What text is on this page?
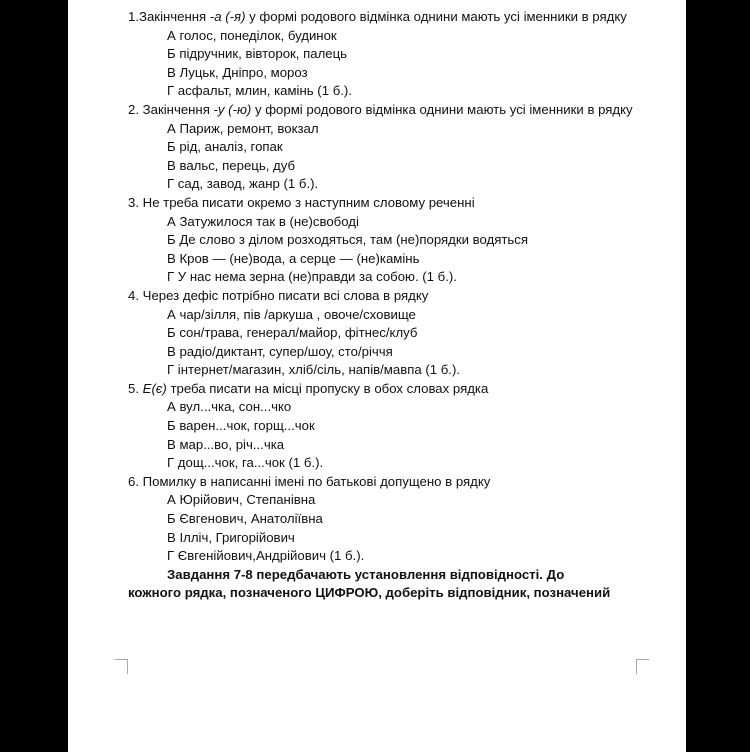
1.Закінчення -а (-я) у формі родового відмінка однини мають усі іменники в рядку
А голос, понеділок, будинок
Б підручник, вівторок, палець
В Луцьк, Дніпро, мороз
Г асфальт, млин, камінь (1 б.).
2. Закінчення -у (-ю) у формі родового відмінка однини мають усі іменники в рядку
А Париж, ремонт, вокзал
Б рід, аналіз, гопак
В вальс, перець, дуб
Г сад, завод, жанр (1 б.).
3. Не треба писати окремо з наступним словому реченні
А Затужилося так в (не)свободі
Б Де слово з ділом розходяться, там (не)порядки водяться
В Кров — (не)вода, а серце — (не)камінь
Г У нас нема зерна (не)правди за собою. (1 б.).
4. Через дефіс потрібно писати всі слова в рядку
А чар/зілля, пів /аркуша , овоче/сховище
Б сон/трава, генерал/майор, фітнес/клуб
В радіо/диктант, супер/шоу, сто/річчя
Г інтернет/магазин, хліб/сіль, напів/мавпа (1 б.).
5. Е(є) треба писати на місці пропуску в обох словах рядка
А вул...чка, сон...чко
Б варен...чок, горщ...чок
В мар...во, річ...чка
Г дощ...чок, га...чок (1 б.).
6. Помилку в написанні імені по батькові допущено в рядку
А Юрійович, Степанівна
Б Євгенович, Анатоліївна
В Ілліч, Григорійович
Г Євгенійович,Андрійович (1 б.).
Завдання 7-8 передбачають установлення відповідності. До
кожного рядка, позначеного ЦИФРОЮ, доберіть відповідник, позначений
